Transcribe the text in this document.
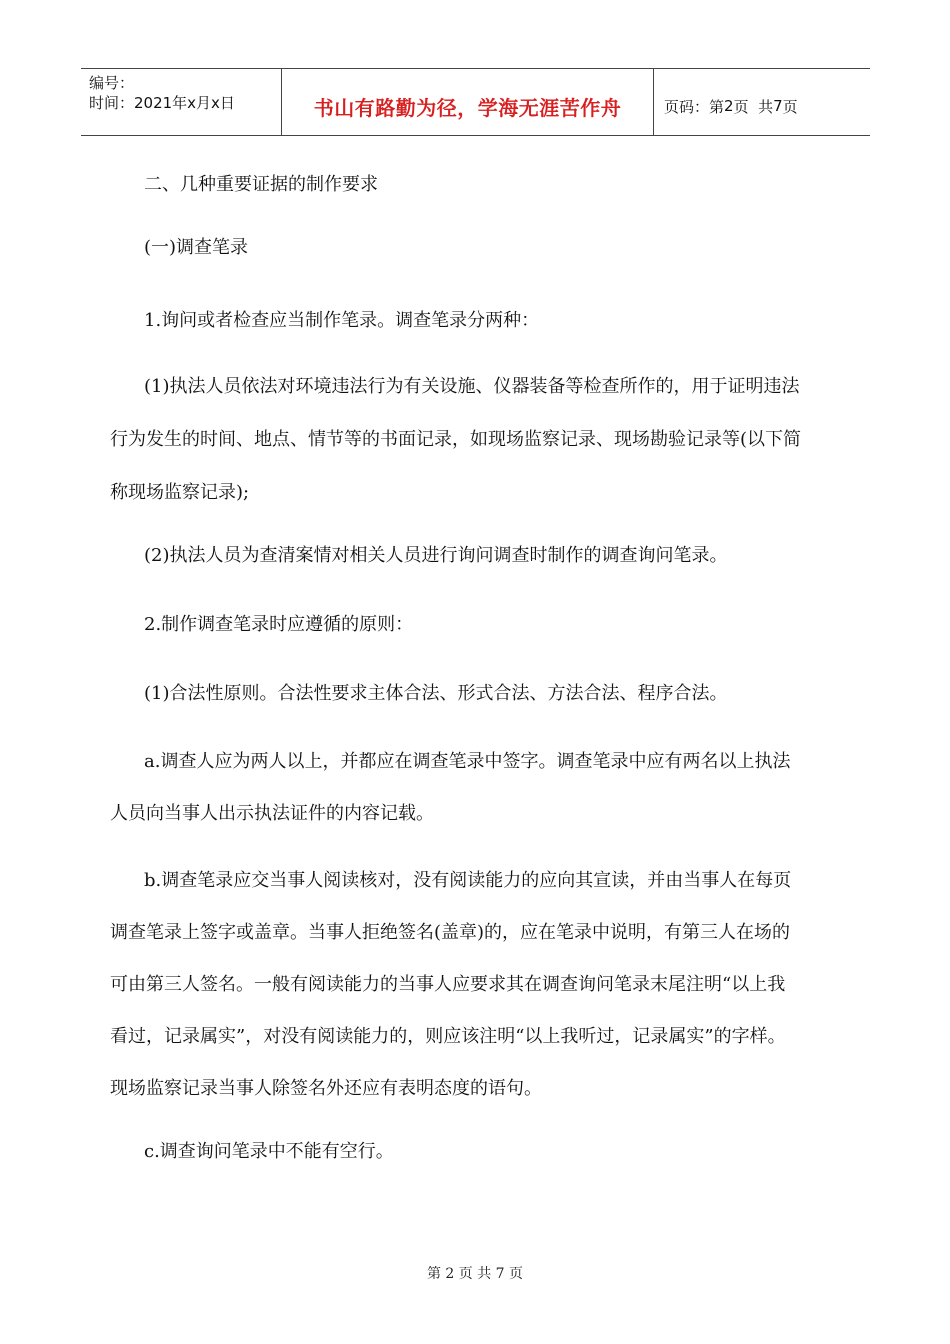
编号：
时间：2021年x月x日	书山有路勤为径，学海无涯苦作舟	页码：第 2 页  共 7 页

二、几种重要证据的制作要求

(一)调查笔录

1.询问或者检查应当制作笔录。调查笔录分两种：

(1)执法人员依法对环境违法行为有关设施、仪器装备等检查所作的，用于证明违法
行为发生的时间、地点、情节等的书面记录，如现场监察记录、现场勘验记录等(以下简
称现场监察记录);

(2)执法人员为查清案情对相关人员进行询问调查时制作的调查询问笔录。

2.制作调查笔录时应遵循的原则：

(1)合法性原则。合法性要求主体合法、形式合法、方法合法、程序合法。

a.调查人应为两人以上，并都应在调查笔录中签字。调查笔录中应有两名以上执法
人员向当事人出示执法证件的内容记载。
b.调查笔录应交当事人阅读核对，没有阅读能力的应向其宣读，并由当事人在每页
调查笔录上签字或盖章。当事人拒绝签名(盖章)的，应在笔录中说明，有第三人在场的
可由第三人签名。一般有阅读能力的当事人应要求其在调查询问笔录末尾注明“以上我
看过，记录属实”，对没有阅读能力的，则应该注明“以上我听过，记录属实”的字样。
现场监察记录当事人除签名外还应有表明态度的语句。

c.调查询问笔录中不能有空行。

第 2 页 共 7 页
